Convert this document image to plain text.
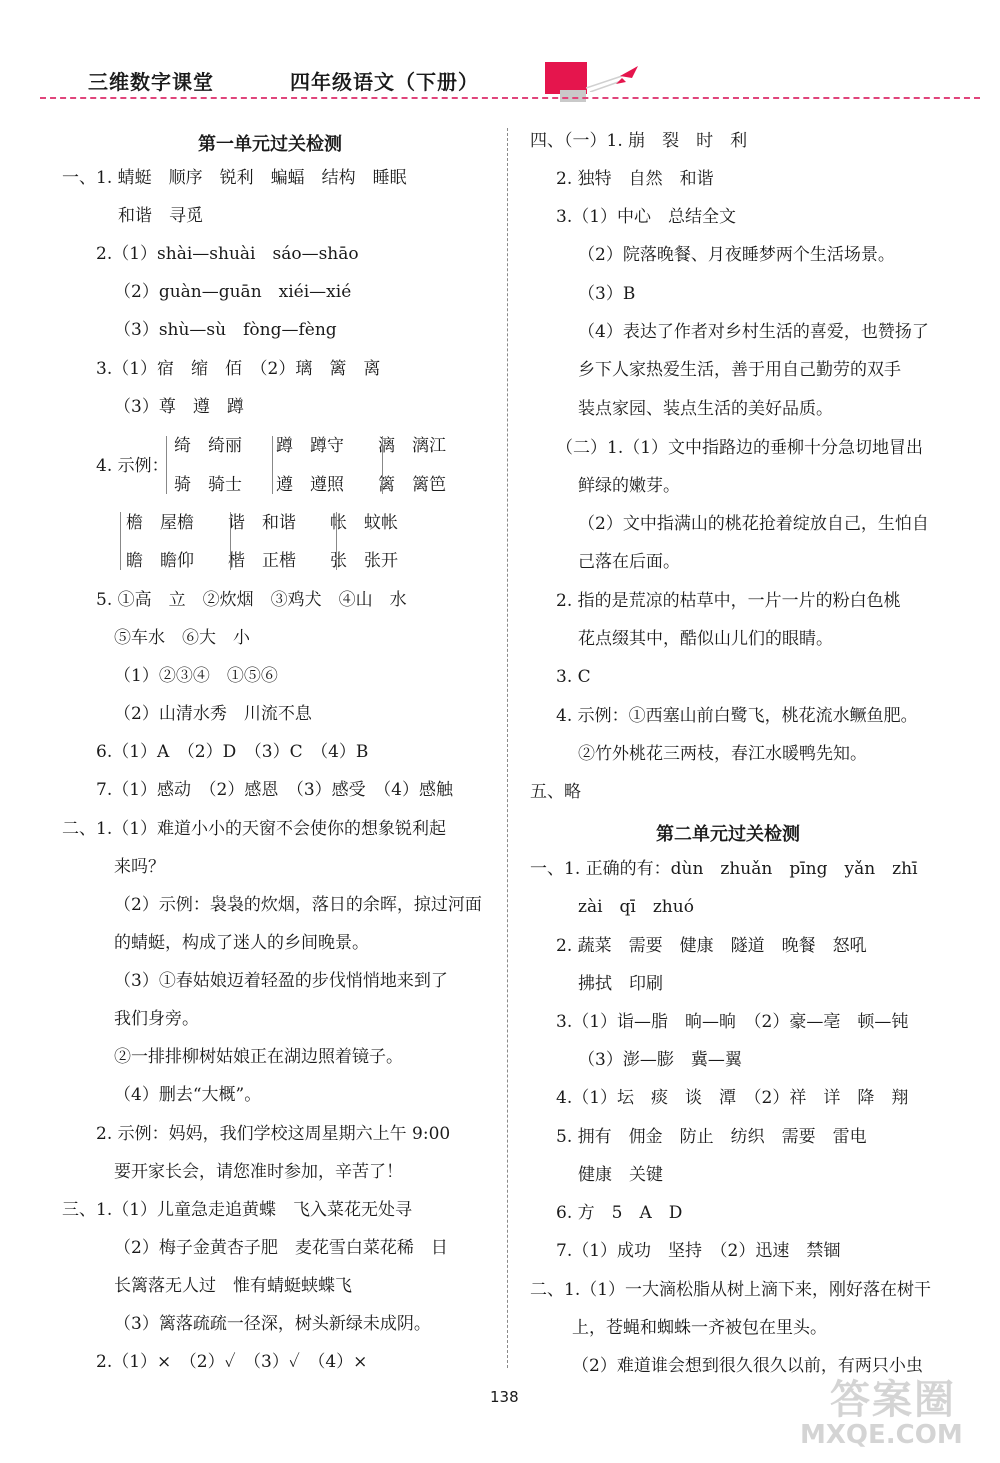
三维数字课堂	四年级语文（下册）
第一单元过关检测
一、1. 蜻蜓　顺序　锐利　蝙蝠　结构　睡眠
和谐　寻觅
2.（1）shài—shuài　sáo—shāo
（2）guàn—guān　xiéi—xié
（3）shù—sù　fòng—fèng
3.（1）宿　缩　佰　（2）璃　篱　离
（3）尊　遵　蹲
绮　绮丽　　蹲　蹲守　　漓　漓江
4. 示例：
骑　骑士　　遵　遵照　　篱　篱笆
檐　屋檐　　谐　和谐　　帐　蚊帐
瞻　瞻仰　　楷　正楷　　张　张开
5. ①高　立　②炊烟　③鸡犬　④山　水
⑤车水　⑥大　小
（1）②③④　①⑤⑥
（2）山清水秀　川流不息
6.（1）A　（2）D　（3）C　（4）B
7.（1）感动　（2）感恩　（3）感受　（4）感触
二、1.（1）难道小小的天窗不会使你的想象锐利起
来吗？
（2）示例：袅袅的炊烟，落日的余晖，掠过河面
的蜻蜓，构成了迷人的乡间晚景。
（3）①春姑娘迈着轻盈的步伐悄悄地来到了
我们身旁。
②一排排柳树姑娘正在湖边照着镜子。
（4）删去“大概”。
2. 示例：妈妈，我们学校这周星期六上午 9:00
要开家长会，请您准时参加，辛苦了！
三、1.（1）儿童急走追黄蝶　飞入菜花无处寻
（2）梅子金黄杏子肥　麦花雪白菜花稀　日
长篱落无人过　惟有蜻蜓蛱蝶飞
（3）篱落疏疏一径深，树头新绿未成阴。
2.（1）×　（2）✓　（3）✓　（4）×
四、（一）1. 崩　裂　时　利
2. 独特　自然　和谐
3.（1）中心　总结全文
（2）院落晚餐、月夜睡梦两个生活场景。
（3）B
（4）表达了作者对乡村生活的喜爱，也赞扬了
乡下人家热爱生活，善于用自己勤劳的双手
装点家园、装点生活的美好品质。
（二）1.（1）文中指路边的垂柳十分急切地冒出
鲜绿的嫩芽。
（2）文中指满山的桃花抢着绽放自己，生怕自
己落在后面。
2. 指的是荒凉的枯草中，一片一片的粉白色桃
花点缀其中，酷似山儿们的眼睛。
3. C
4. 示例：①西塞山前白鹭飞，桃花流水鳜鱼肥。
②竹外桃花三两枝，春江水暖鸭先知。
五、略
第二单元过关检测
一、1. 正确的有：dùn　zhuǎn　pīng　yǎn　zhī
zài　qī　zhuó
2. 蔬菜　需要　健康　隧道　晚餐　怒吼
拂拭　印刷
3.（1）诣—脂　晌—晌　（2）豪—亳　顿—钝
（3）澎—膨　冀—翼
4.（1）坛　痰　谈　潭　（2）祥　详　降　翔
5. 拥有　佣金　防止　纺织　需要　雷电
健康　关键
6. 方　5　A　D
7.（1）成功　坚持　（2）迅速　禁锢
二、1.（1）一大滴松脂从树上滴下来，刚好落在树干
上，苍蝇和蜘蛛一齐被包在里头。
（2）难道谁会想到很久很久以前，有两只小虫
138	答案圈
MXQE.COM
